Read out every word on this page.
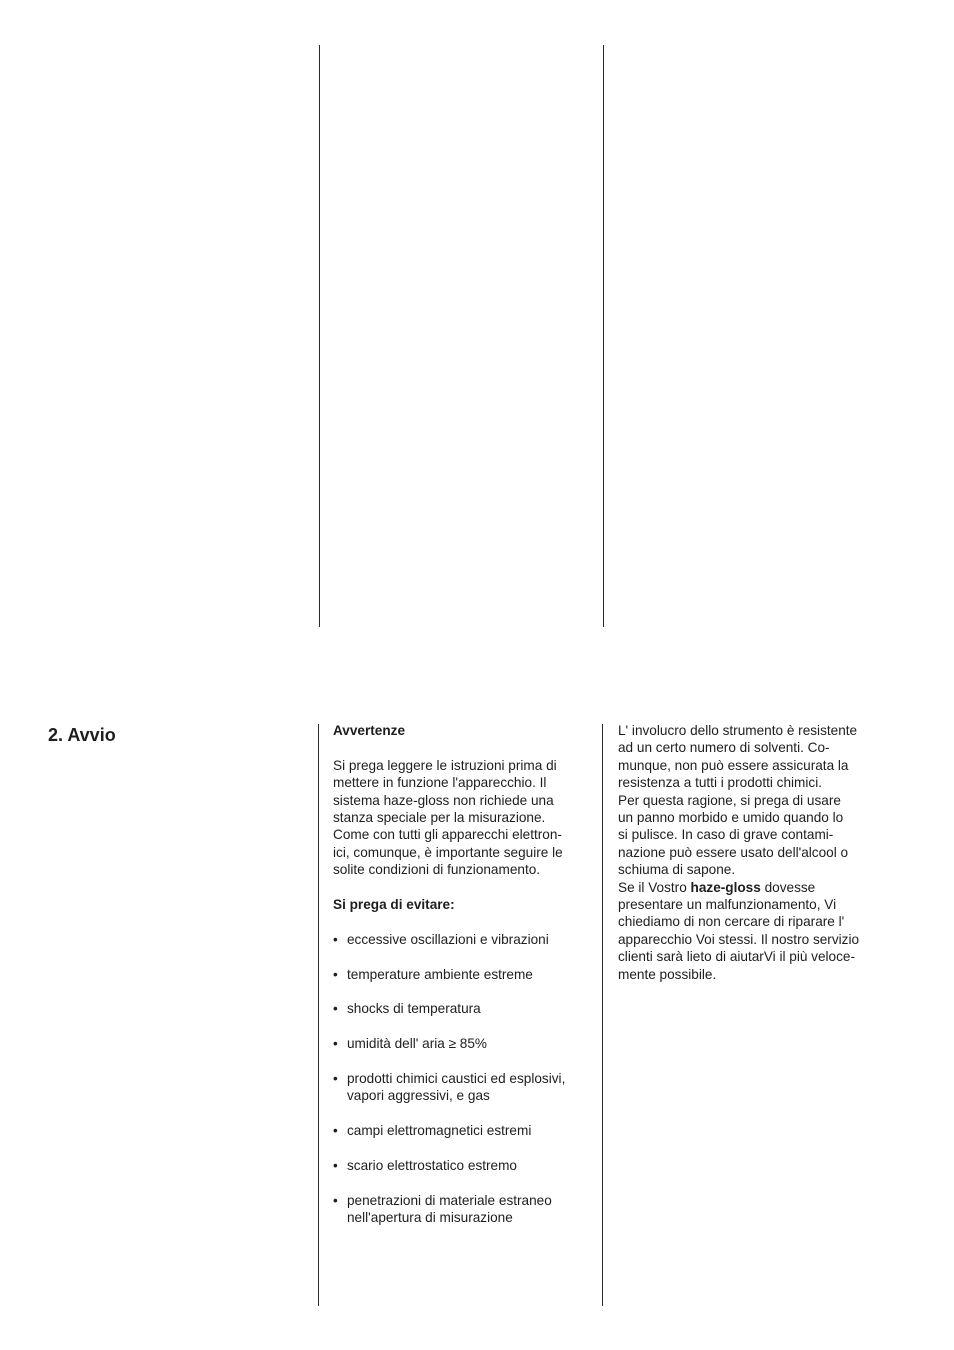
2. Avvio	Avvertenze
Si prega leggere le istruzioni prima di
mettere in funzione l'apparecchio. Il
sistema haze-gloss non richiede una
stanza speciale per la misurazione.
Come con tutti gli apparecchi elettron-
ici, comunque, è importante seguire le
solite condizioni di funzionamento.
Si prega di evitare:
• eccessive oscillazioni e vibrazioni
• temperature ambiente estreme
• shocks di temperatura
• umidità dell' aria ≥ 85%
• prodotti chimici caustici ed esplosivi,
vapori aggressivi, e gas
• campi elettromagnetici estremi
• scario elettrostatico estremo
• penetrazioni di materiale estraneo
nell'apertura di misurazione
L' involucro dello strumento è resistente
ad un certo numero di solventi. Co-
munque, non può essere assicurata la
resistenza a tutti i prodotti chimici.
Per questa ragione, si prega di usare
un panno morbido e umido quando lo
si pulisce. In caso di grave contami-
nazione può essere usato dell'alcool o
schiuma di sapone.
Se il Vostro haze-gloss dovesse
presentare un malfunzionamento, Vi
chiediamo di non cercare di riparare l'
apparecchio Voi stessi. Il nostro servizio
clienti sarà lieto di aiutarVi il più veloce-
mente possibile.
